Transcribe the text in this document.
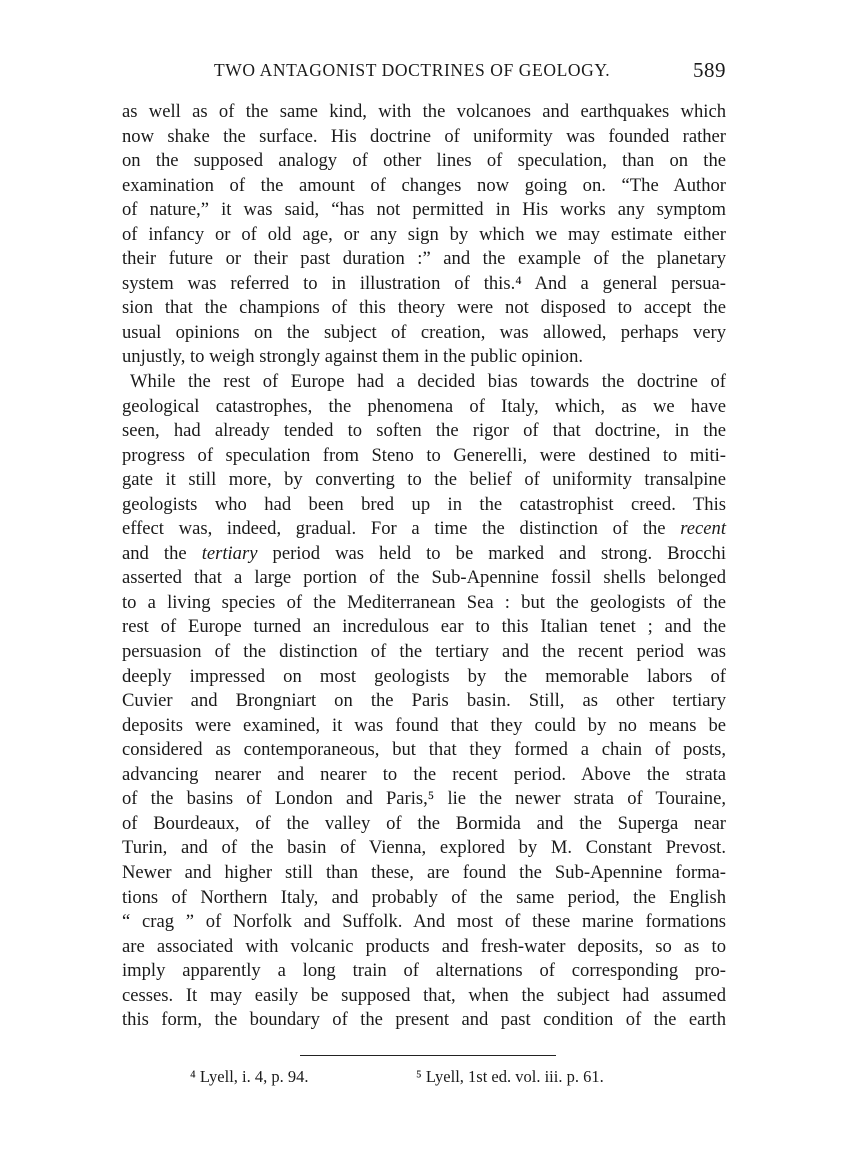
TWO ANTAGONIST DOCTRINES OF GEOLOGY.	589
as well as of the same kind, with the volcanoes and earthquakes which
now shake the surface. His doctrine of uniformity was founded rather
on the supposed analogy of other lines of speculation, than on the
examination of the amount of changes now going on. “The Author
of nature,” it was said, “has not permitted in His works any symptom
of infancy or of old age, or any sign by which we may estimate either
their future or their past duration :” and the example of the planetary
system was referred to in illustration of this.⁴ And a general persua-
sion that the champions of this theory were not disposed to accept the
usual opinions on the subject of creation, was allowed, perhaps very
unjustly, to weigh strongly against them in the public opinion.
While the rest of Europe had a decided bias towards the doctrine of
geological catastrophes, the phenomena of Italy, which, as we have
seen, had already tended to soften the rigor of that doctrine, in the
progress of speculation from Steno to Generelli, were destined to miti-
gate it still more, by converting to the belief of uniformity transalpine
geologists who had been bred up in the catastrophist creed. This
effect was, indeed, gradual. For a time the distinction of the recent
and the tertiary period was held to be marked and strong. Brocchi
asserted that a large portion of the Sub-Apennine fossil shells belonged
to a living species of the Mediterranean Sea : but the geologists of the
rest of Europe turned an incredulous ear to this Italian tenet ; and the
persuasion of the distinction of the tertiary and the recent period was
deeply impressed on most geologists by the memorable labors of
Cuvier and Brongniart on the Paris basin. Still, as other tertiary
deposits were examined, it was found that they could by no means be
considered as contemporaneous, but that they formed a chain of posts,
advancing nearer and nearer to the recent period. Above the strata
of the basins of London and Paris,⁵ lie the newer strata of Touraine,
of Bourdeaux, of the valley of the Bormida and the Superga near
Turin, and of the basin of Vienna, explored by M. Constant Prevost.
Newer and higher still than these, are found the Sub-Apennine forma-
tions of Northern Italy, and probably of the same period, the English
“ crag ” of Norfolk and Suffolk. And most of these marine formations
are associated with volcanic products and fresh-water deposits, so as to
imply apparently a long train of alternations of corresponding pro-
cesses. It may easily be supposed that, when the subject had assumed
this form, the boundary of the present and past condition of the earth
⁴ Lyell, i. 4, p. 94.	⁵ Lyell, 1st ed. vol. iii. p. 61.
